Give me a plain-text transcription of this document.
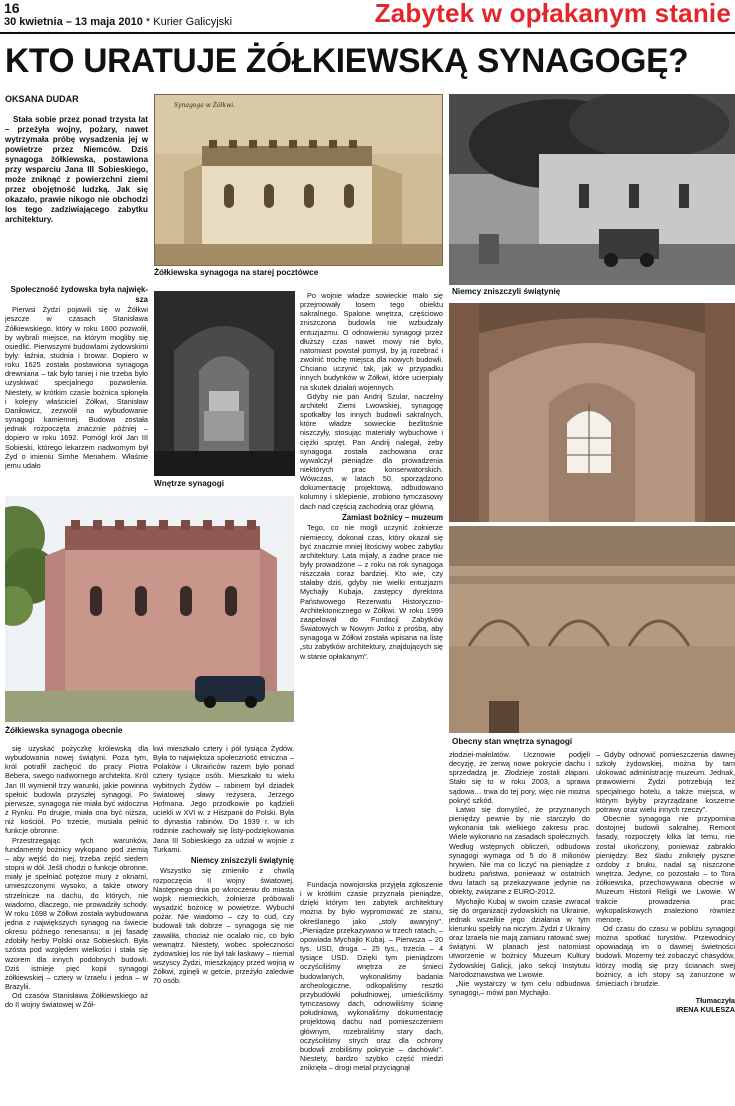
16
30 kwietnia – 13 maja 2010 * Kurier Galicyjski	Zabytek w opłakanym stanie
KTO URATUJE ŻÓŁKIEWSKĄ SYNAGOGĘ?
OKSANA DUDAR
Stała sobie przez ponad trzysta lat – przeżyła wojny, pożary, nawet wytrzymała próbę wysadzenia jej w powietrze przez Niemców. Dziś synagoga żółkiewska, postawiona przy wsparciu Jana III Sobieskiego, może zniknąć z powierzchni ziemi przez obojętność ludzką. Jak się okazało, prawie nikogo nie obchodzi los tego zadziwiającego zabytku architektury.
Społeczność żydowska była największa

Pierwsi Żydzi pojawili się w Żółkwi jeszcze w czasach Stanisława Żółkiewskiego, który w roku 1600 pozwolił, by wybrali miejsce, na którym mogliby się osiedlić. Pierwszymi budowlami żydowskimi były: łaźnia, studnia i browar. Dopiero w roku 1625 została postawiona synagoga drewniana – tak było taniej i nie trzeba było uzyskiwać specjalnego pozwolenia. Niestety, w krótkim czasie bożnica spłonęła i kolejny właściciel Żółkwi, Stanisław Daniłowicz, zezwolił na wybudowanie synagogi kamiennej. Budowa została jednak rozpoczęta znacznie później – dopiero w roku 1692. Pomógł król Jan III Sobieski, którego lekarzem nadwornym był Żyd o imieniu Simhe Menahem. Właśnie jemu udało

Synagoga w Żółkwi.
Żółkiewska synagoga na starej pocztówce
Niemcy zniszczyli świątynię
Wnętrze synagogi

Po wojnie władze sowieckie mało się przejmowały losem tego obiektu sakralnego. Spalone wnętrza, częściowo zniszczona budowla nie wzbudzały entuzjazmu. O odnowieniu synagogi przez dłuższy czas nawet mowy nie było, natomiast powstał pomysł, by ją rozebrać i zwolnić trochę miejsca dla nowych budowli. Chciano uczynić tak, jak w przypadku innych budynków w Żółkwi, które ucierpiały na skutek działań wojennych.

Gdyby nie pan Andrij Szular, naczelny architekt Ziemi Lwowskiej, synagogę spotkałby los innych budowli sakralnych, które władze sowieckie bezlitośnie niszczyły, stosując materiały wybuchowe i ciężki sprzęt. Pan Andrij nalegał, żeby synagoga została zachowana oraz wywalczył pieniądze dla prowadzenia niektórych prac konserwatorskich. Wówczas, w latach 50. sporządzono dokumentację projektową, odbudowano kolumny i sklepienie, zrobiono tymczasowy dach nad częścią zachodnią oraz główną.

Zamiast bożnicy – muzeum

Tego, co nie mogli uczynić żołnierze niemieccy, dokonał czas, który okazał się być znacznie mniej litościwy wobec zabytku architektury. Lata mijały, a żadne prace nie były prowadzone – z roku na rok synagoga niszczała coraz bardziej. Kto wie, czy stałaby dziś, gdyby nie wielki entuzjazm Mychajły Kubaja, zastępcy dyrektora Państwowego Rezerwatu Historyczno-Architektonicznego w Żółkwi. W roku 1999 zaapelował do Fundacji Zabytków Światowych w Nowym Jorku z prośbą, aby synagoga w Żółkwi została wpisana na listę „stu zabytków architektury, znajdujących się w stanie opłakanym".

Żółkiewska synagoga obecnie
Obecny stan wnętrza synagogi

się uzyskać pożyczkę królewską dla wybudowania nowej świątyni. Poza tym, król potrafił zachęcić do pracy Piotra Bebera, swego nadwornego architekta. Król Jan III wymienił trzy warunki, jakie powinna spełnić budowla przyszłej synagogi. Po pierwsze, synagoga nie miała być widoczna z Rynku. Po drugie, miała ona być niższa, niż kościół. Po trzecie, musiała pełnić funkcje obronne.

Przestrzegając tych warunków, fundamenty bożnicy wykopano pod ziemią – aby wejść do niej, trzeba zejść siedem stopni w dół. Jeśli chodzi o funkcje obronne, miały je spełniać potężne mury z oknami, umieszczonymi wysoko, a także otwory strzelnicze na dachu, do których, nie wiadomo, dlaczego, nie prowadziły schody. W roku 1698 w Żółkwi została wybudowana jedna z największych synagog na świecie okresu późnego renesansu; a jej fasadę zdobiły herby Polski oraz Sobieskich. Była szósta pod względem wielkości i stała się wzorem dla innych podobnych budowli. Dziś istnieje pięć kopii synagogi żółkiewskiej – cztery w Izraelu i jedna – w Brazylii.

Od czasów Stanisława Żółkiewskiego aż do II wojny światowej w Żół-

kwi mieszkało cztery i pół tysiąca Żydów. Była to największa społeczność etniczna – Polaków i Ukraińców razem było ponad cztery tysiące osób. Mieszkało tu wielu wybitnych Żydów – rabinem był dziadek światowej sławy reżysera, Jerzego Hofmana. Jego przodkowie po kądzieli uciekli w XVI w. z Hiszpanii do Polski. Była to dynastia rabinów. Do 1939 r. w ich rodzinie zachowały się listy-podziękowania Jana III Sobieskiego za udział w wojnie z Turkami.

Niemcy zniszczyli świątynię

Wszystko się zmieniło z chwilą rozpoczęcia II wojny światowej. Następnego dnia po wkroczeniu do miasta wojsk niemieckich, żołnierze próbowali wysadzić bożnicę w powietrze. Wybuchł pożar. Nie wiadomo – czy to cud, czy budowali tak dobrze – synagoga się nie zawaliła, chociaż nie ocalało nic, co było wewnątrz. Niestety, wobec społeczności żydowskiej los nie był tak łaskawy – niemal wszyscy Żydzi, mieszkający przed wojną w Żółkwi, zginęli w getcie, przeżyło zaledwie 70 osób.

Fundacja nowojorska przyjęła zgłoszenie i w krótkim czasie przyznała pieniądze, dzięki którym ten zabytek architektury można by było wypromować ze stanu, określanego jako „stoly awaryjny". „Pieniądze przekazywano w trzech ratach, – opowiada Mychajło Kubaj. – Pierwsza – 20 tys. USD, druga – 25 tys., trzecia – 4 tysiące USD. Dzięki tym pieniądzom oczyściliśmy wnętrza ze śmieci budowlanych, wykonaliśmy badania archeologiczne, odkopaliśmy resztki przybudówki południowej, umieściliśmy tymczasowy dach, odnowiliśmy ścianę południową, wykonaliśmy dokumentację projektową dachu nad pomieszczeniem głównym, rozebraliśmy stary dach, oczyściliśmy strych oraz dla ochrony budowli zrobiliśmy pokrycie – dachówki". Niestety, bardzo szybko część miedzi zniknęła – drogi metal przyciągnął

złodziei-małolatów. Ucznowie podjęli decyzję, że zerwą nowe pokrycie dachu i sprzedadzą je. Złodzieje zostali złapani. Stało się to w roku 2003, a sprawa sądowa… trwa do tej pory, więc nie można pokryć szkód.

Łatwo się domyśleć, że przyznanych pieniędzy pewnie by nie starczyło do wykonania tak wielkiego zakresu prac. Wiele wykonano na zasadach społecznych. Według wstępnych obliczeń, odbudowa synagogi wymaga od 5 do 8 milionów hrywien. Nie ma co liczyć na pieniądze z budżetu państwa, ponieważ w ostatnich dwu latach są przekazywane jedynie na obiekty, związane z EURO-2012.

Mychajło Kubaj w swoim czasie zwracał się do organizacji żydowskich na Ukrainie, jednak wszelkie jego działania w tym kierunku spełzły na niczym. Żydzi z Ukrainy oraz Izraela nie mają zamiaru ratować swej świątyni. W planach jest natomiast utworzenie w bożnicy Muzeum Kultury Żydowskiej Galicji, jako sekcji Instytutu Narodoznawstwa we Lwowie.

„Nie wystarczy w tym celu odbudowa synagogi,– mówi pan Mychajło.

– Gdyby odnowić pomieszczenia dawnej szkoły żydowskiej, można by tam ulokować administrację muzeum. Jednak, prawowierni Żydzi potrzebują też specjalnego hotelu, a także miejsca, w którym byłyby przyrządzane koszerne potrawy oraz wielu innych rzeczy".

Obecnie synagoga nie przypomina dostojnej budowli sakralnej. Remont fasady, rozpoczęty kilka lat temu, nie został ukończony, ponieważ zabrakło pieniędzy. Bez śladu zniknęły pyszne ozdoby z bruku, nadal są niszczone wnętrza. Jedyne, co pozostało – to Tora żółkiewska, przechowywana obecnie w Muzeum Historii Religii we Lwowie. W trakcie prowadzenia prac wykopaliskowych znaleziono również menorę.

Od czasu do czasu w pobliżu synagogi można spotkać turystów. Przewodnicy opowiadają im o dawnej świetności budowli. Możemy też zobaczyć chasydów, którzy modlą się przy ścianach swej bożnicy, a ich stopy są zanurzone w śmieciach i brudzie.

Tłumaczyła
IRENA KULESZA
